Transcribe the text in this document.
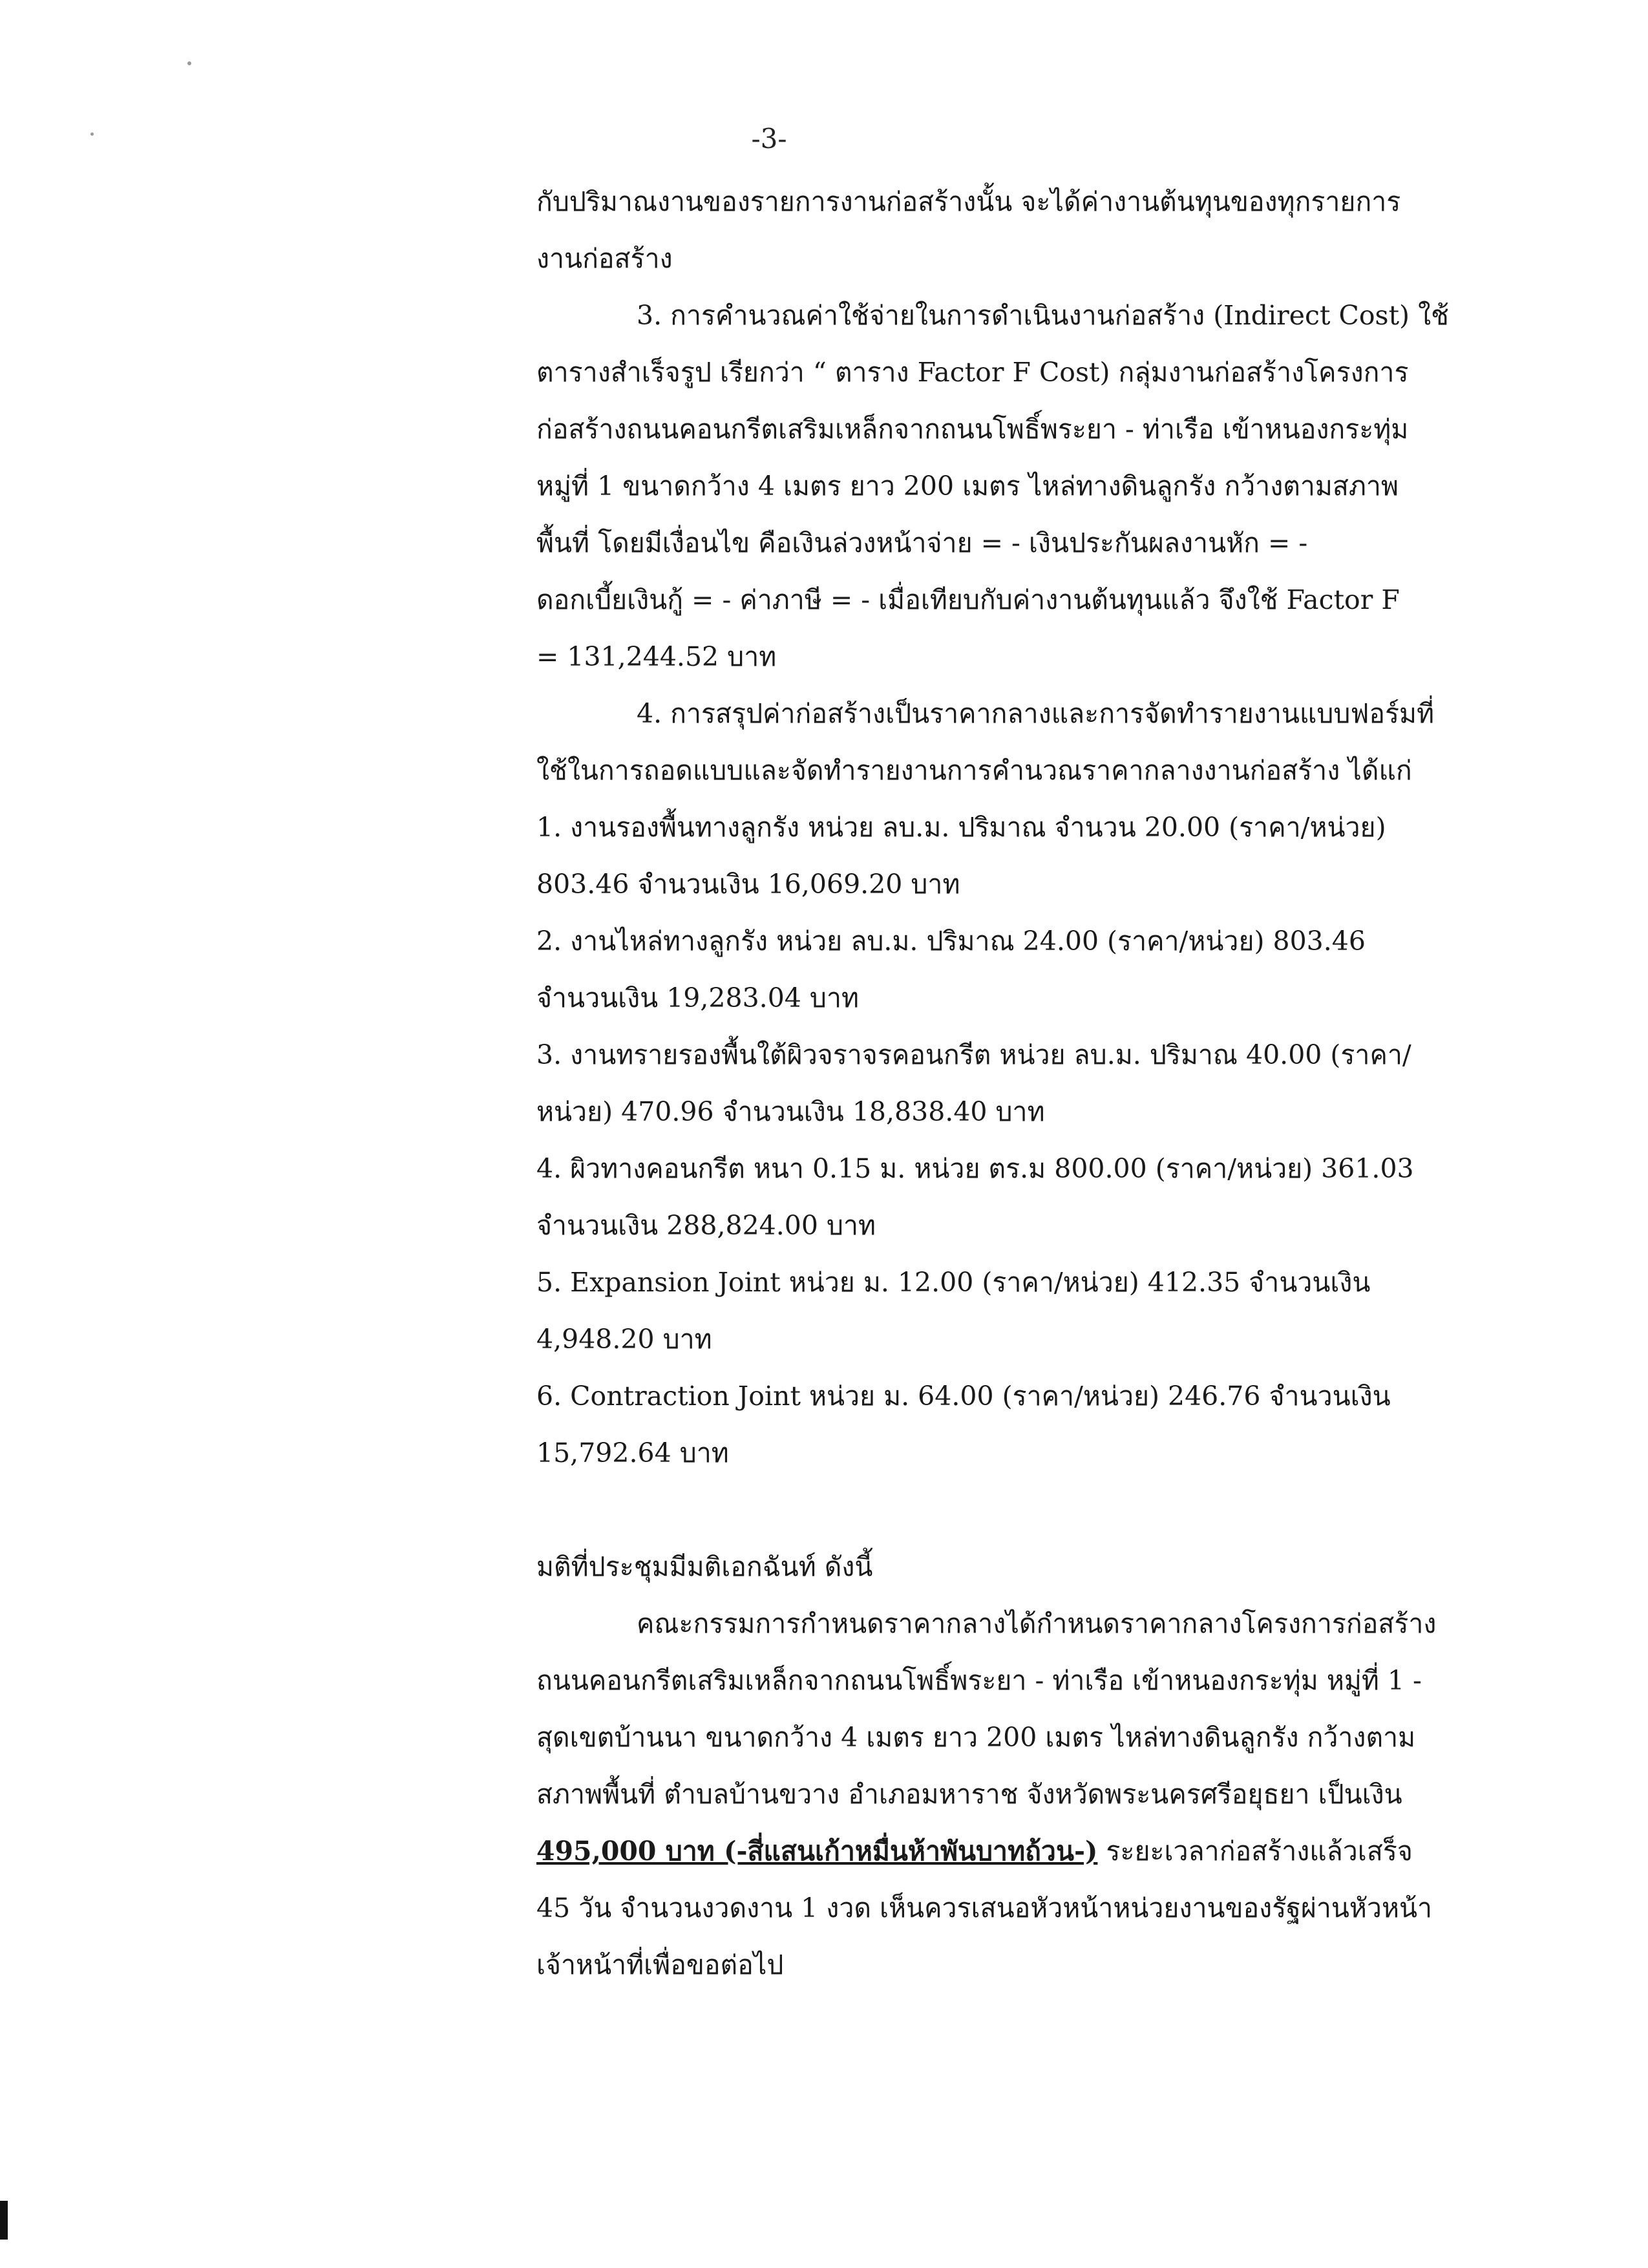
-3-
กับปริมาณงานของรายการงานก่อสร้างนั้น จะได้ค่างานต้นทุนของทุกรายการ
งานก่อสร้าง
3. การคำนวณค่าใช้จ่ายในการดำเนินงานก่อสร้าง (Indirect Cost) ใช้
ตารางสำเร็จรูป เรียกว่า “ ตาราง Factor F Cost) กลุ่มงานก่อสร้างโครงการ
ก่อสร้างถนนคอนกรีตเสริมเหล็กจากถนนโพธิ์พระยา - ท่าเรือ เข้าหนองกระทุ่ม
หมู่ที่ 1 ขนาดกว้าง 4 เมตร ยาว 200 เมตร ไหล่ทางดินลูกรัง กว้างตามสภาพ
พื้นที่ โดยมีเงื่อนไข คือเงินล่วงหน้าจ่าย = - เงินประกันผลงานหัก = -
ดอกเบี้ยเงินกู้ = - ค่าภาษี = - เมื่อเทียบกับค่างานต้นทุนแล้ว จึงใช้ Factor F
= 131,244.52 บาท
4. การสรุปค่าก่อสร้างเป็นราคากลางและการจัดทำรายงานแบบฟอร์มที่
ใช้ในการถอดแบบและจัดทำรายงานการคำนวณราคากลางงานก่อสร้าง ได้แก่
1. งานรองพื้นทางลูกรัง หน่วย ลบ.ม. ปริมาณ จำนวน 20.00 (ราคา/หน่วย)
803.46 จำนวนเงิน 16,069.20 บาท
2. งานไหล่ทางลูกรัง หน่วย ลบ.ม. ปริมาณ 24.00 (ราคา/หน่วย) 803.46
จำนวนเงิน 19,283.04 บาท
3. งานทรายรองพื้นใต้ผิวจราจรคอนกรีต หน่วย ลบ.ม. ปริมาณ 40.00 (ราคา/
หน่วย) 470.96 จำนวนเงิน 18,838.40 บาท
4. ผิวทางคอนกรีต หนา 0.15 ม. หน่วย ตร.ม 800.00 (ราคา/หน่วย) 361.03
จำนวนเงิน 288,824.00 บาท
5. Expansion Joint หน่วย ม. 12.00 (ราคา/หน่วย) 412.35 จำนวนเงิน
4,948.20 บาท
6. Contraction Joint หน่วย ม. 64.00 (ราคา/หน่วย) 246.76 จำนวนเงิน
15,792.64 บาท
มติที่ประชุมมีมติเอกฉันท์ ดังนี้
คณะกรรมการกำหนดราคากลางได้กำหนดราคากลางโครงการก่อสร้าง
ถนนคอนกรีตเสริมเหล็กจากถนนโพธิ์พระยา - ท่าเรือ เข้าหนองกระทุ่ม หมู่ที่ 1 -
สุดเขตบ้านนา ขนาดกว้าง 4 เมตร ยาว 200 เมตร ไหล่ทางดินลูกรัง กว้างตาม
สภาพพื้นที่ ตำบลบ้านขวาง อำเภอมหาราช จังหวัดพระนครศรีอยุธยา เป็นเงิน
495,000 บาท (-สี่แสนเก้าหมื่นห้าพันบาทถ้วน-) ระยะเวลาก่อสร้างแล้วเสร็จ
45 วัน จำนวนงวดงาน 1 งวด เห็นควรเสนอหัวหน้าหน่วยงานของรัฐผ่านหัวหน้า
เจ้าหน้าที่เพื่อขอต่อไป
